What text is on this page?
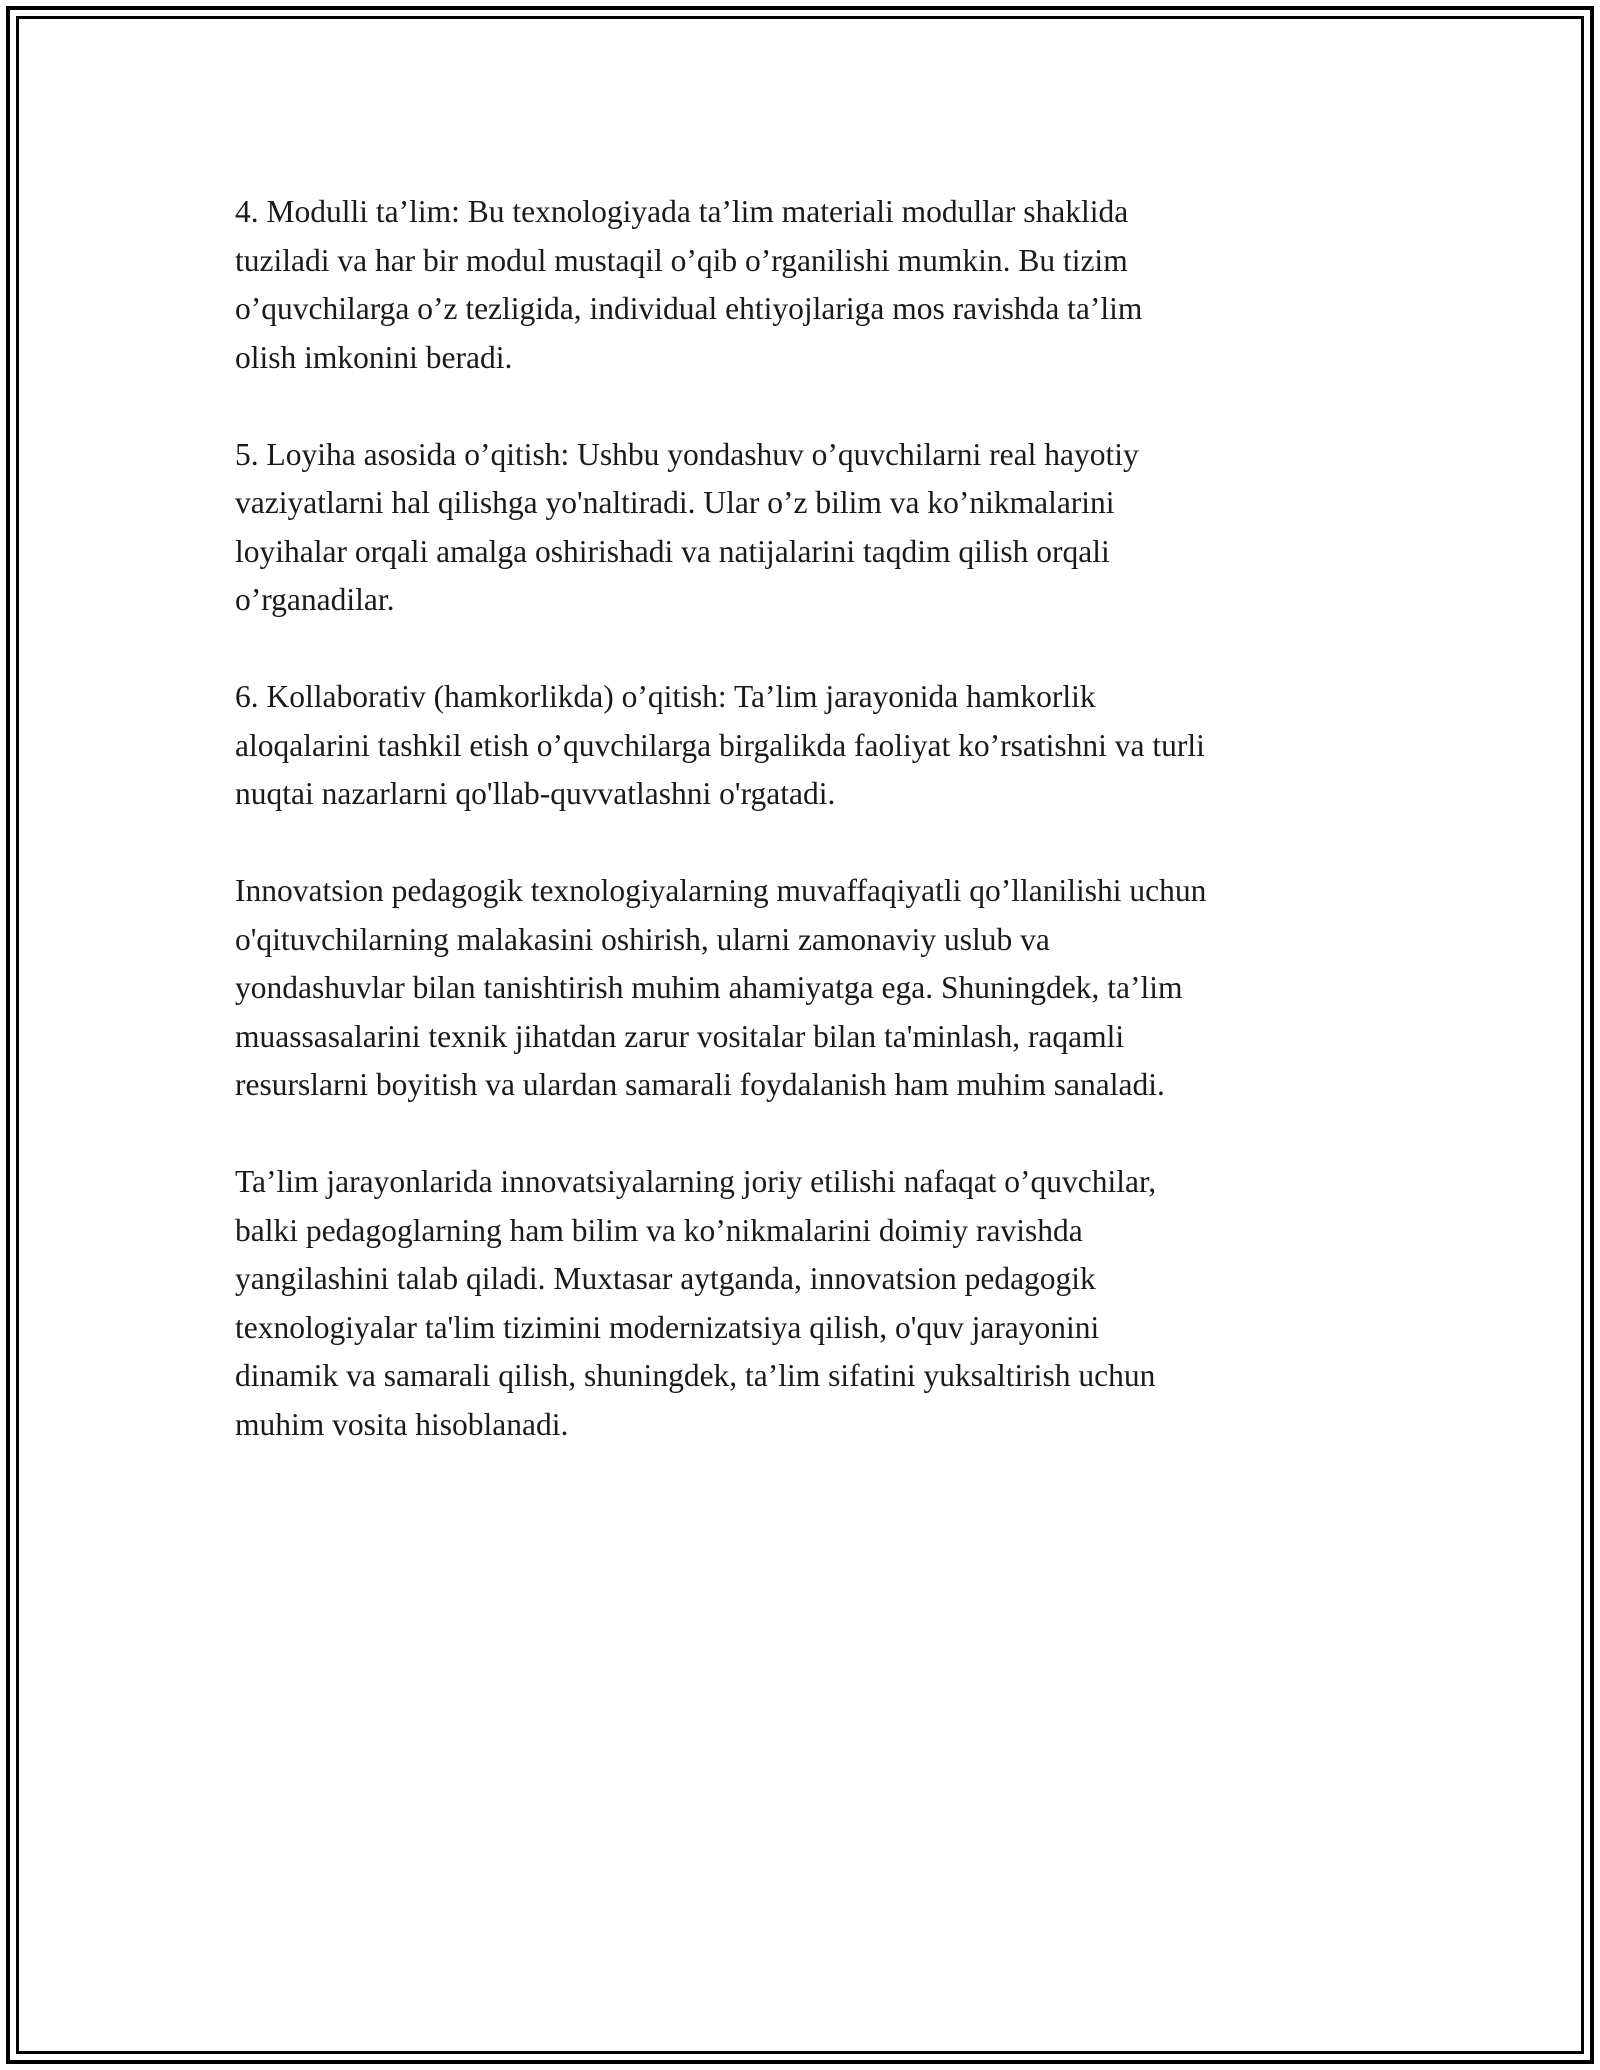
4. Modulli ta’lim: Bu texnologiyada ta’lim materiali modullar shaklida
tuziladi va har bir modul mustaqil o’qib o’rganilishi mumkin. Bu tizim
o’quvchilarga o’z tezligida, individual ehtiyojlariga mos ravishda ta’lim
olish imkonini beradi.

5. Loyiha asosida o’qitish: Ushbu yondashuv o’quvchilarni real hayotiy
vaziyatlarni hal qilishga yo'naltiradi. Ular o’z bilim va ko’nikmalarini
loyihalar orqali amalga oshirishadi va natijalarini taqdim qilish orqali
o’rganadilar.

6. Kollaborativ (hamkorlikda) o’qitish: Ta’lim jarayonida hamkorlik
aloqalarini tashkil etish o’quvchilarga birgalikda faoliyat ko’rsatishni va turli
nuqtai nazarlarni qo'llab-quvvatlashni o'rgatadi.

Innovatsion pedagogik texnologiyalarning muvaffaqiyatli qo’llanilishi uchun
o'qituvchilarning malakasini oshirish, ularni zamonaviy uslub va
yondashuvlar bilan tanishtirish muhim ahamiyatga ega. Shuningdek, ta’lim
muassasalarini texnik jihatdan zarur vositalar bilan ta'minlash, raqamli
resurslarni boyitish va ulardan samarali foydalanish ham muhim sanaladi.

Ta’lim jarayonlarida innovatsiyalarning joriy etilishi nafaqat o’quvchilar,
balki pedagoglarning ham bilim va ko’nikmalarini doimiy ravishda
yangilashini talab qiladi. Muxtasar aytganda, innovatsion pedagogik
texnologiyalar ta'lim tizimini modernizatsiya qilish, o'quv jarayonini
dinamik va samarali qilish, shuningdek, ta’lim sifatini yuksaltirish uchun
muhim vosita hisoblanadi.
